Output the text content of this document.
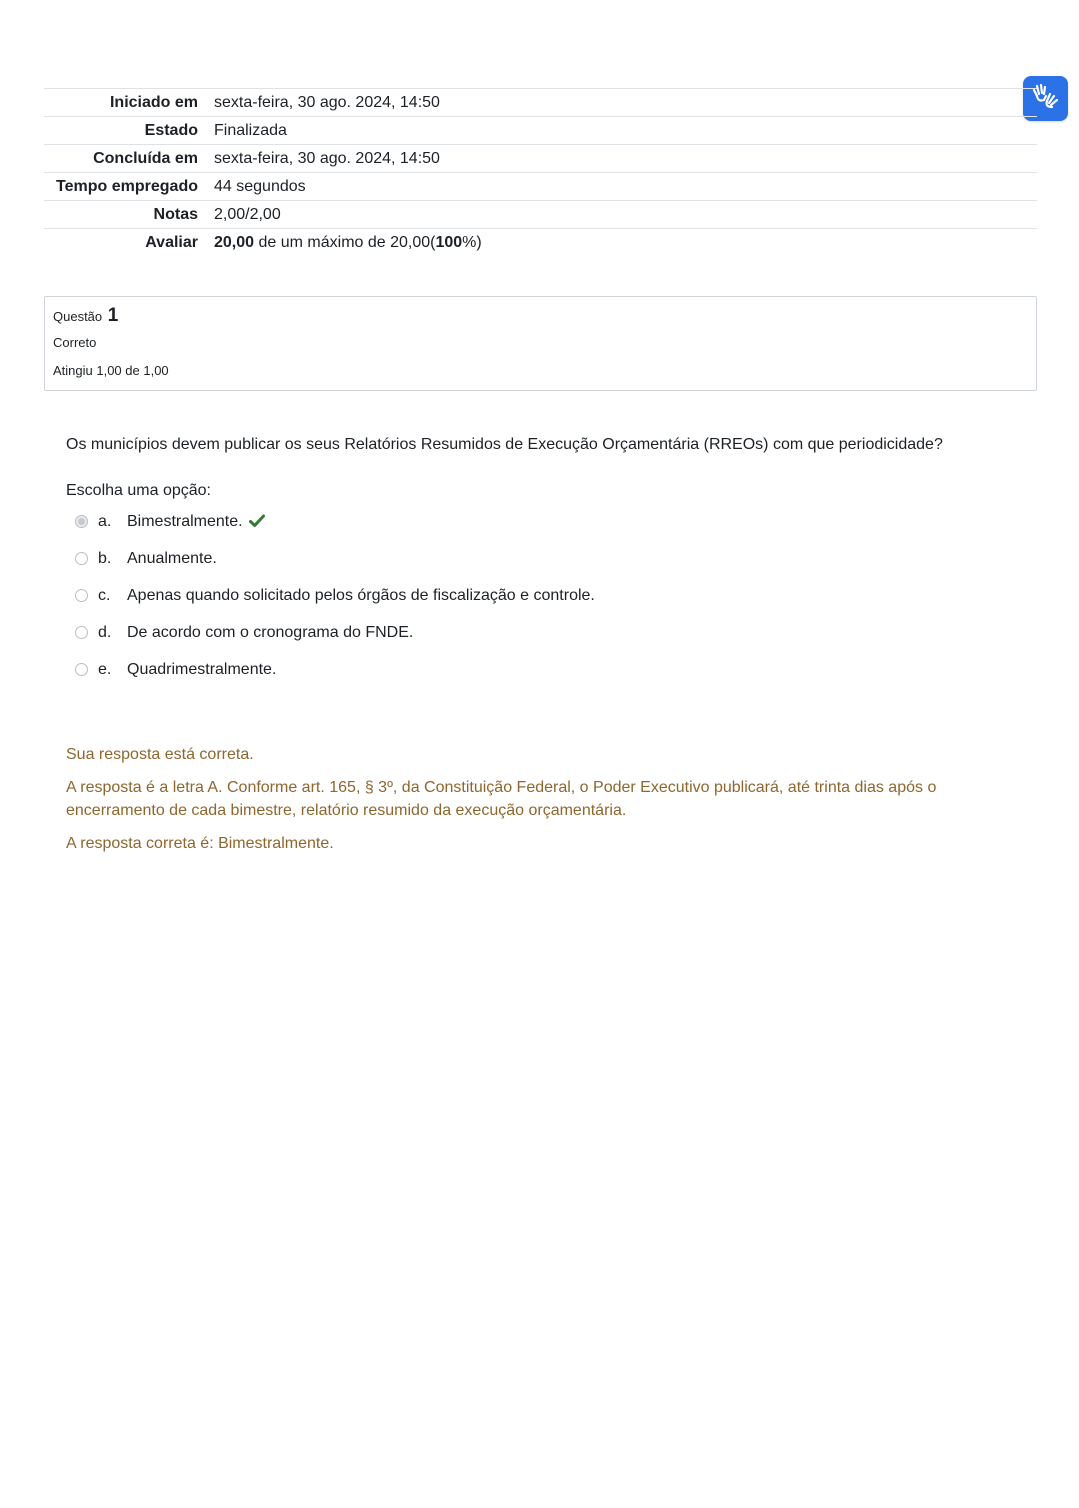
Iniciado em	sexta-feira, 30 ago. 2024, 14:50
Estado	Finalizada
Concluída em	sexta-feira, 30 ago. 2024, 14:50
Tempo empregado	44 segundos
Notas	2,00/2,00
Avaliar	20,00 de um máximo de 20,00(100%)
Questão 1
Correto
Atingiu 1,00 de 1,00
Os municípios devem publicar os seus Relatórios Resumidos de Execução Orçamentária (RREOs) com que periodicidade?
Escolha uma opção:
a. Bimestralmente.
b. Anualmente.
c.	Apenas quando solicitado pelos órgãos de fiscalização e controle.
d. De acordo com o cronograma do FNDE.
e. Quadrimestralmente.

Sua resposta está correta.

A resposta é a letra A. Conforme art. 165, § 3º, da Constituição Federal, o Poder Executivo publicará, até trinta dias após o encerramento de cada bimestre, relatório resumido da execução orçamentária.

A resposta correta é: Bimestralmente.
